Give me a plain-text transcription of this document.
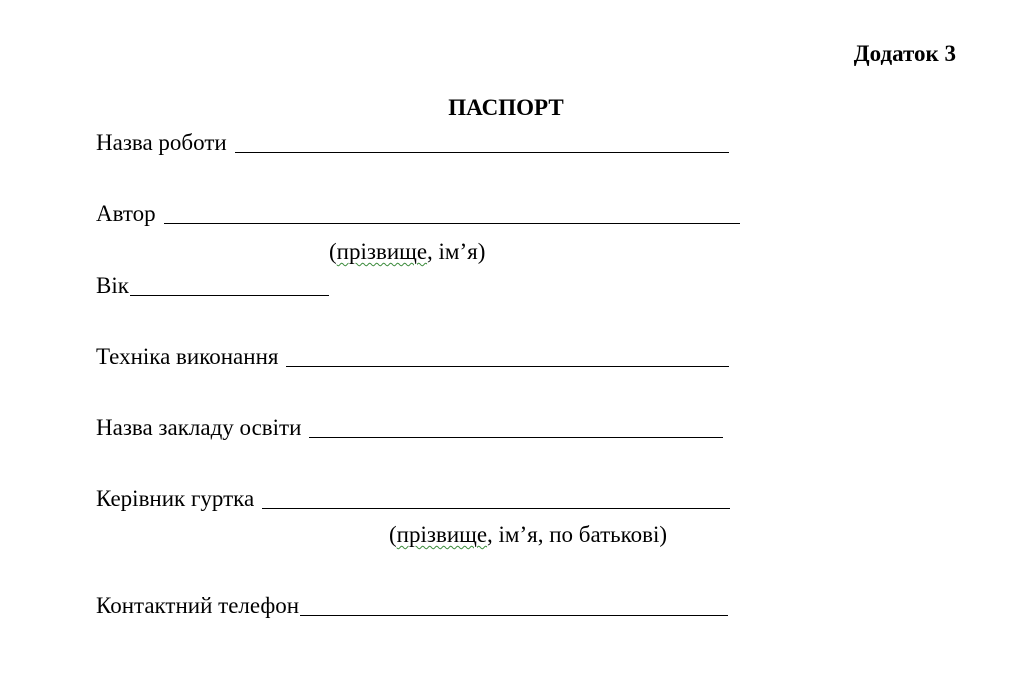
Додаток 3
ПАСПОРТ
Назва роботи
Автор
(прізвище, ім’я)
Вік
Техніка виконання
Назва закладу освіти
Керівник гуртка
(прізвище, ім’я, по батькові)
Контактний телефон
